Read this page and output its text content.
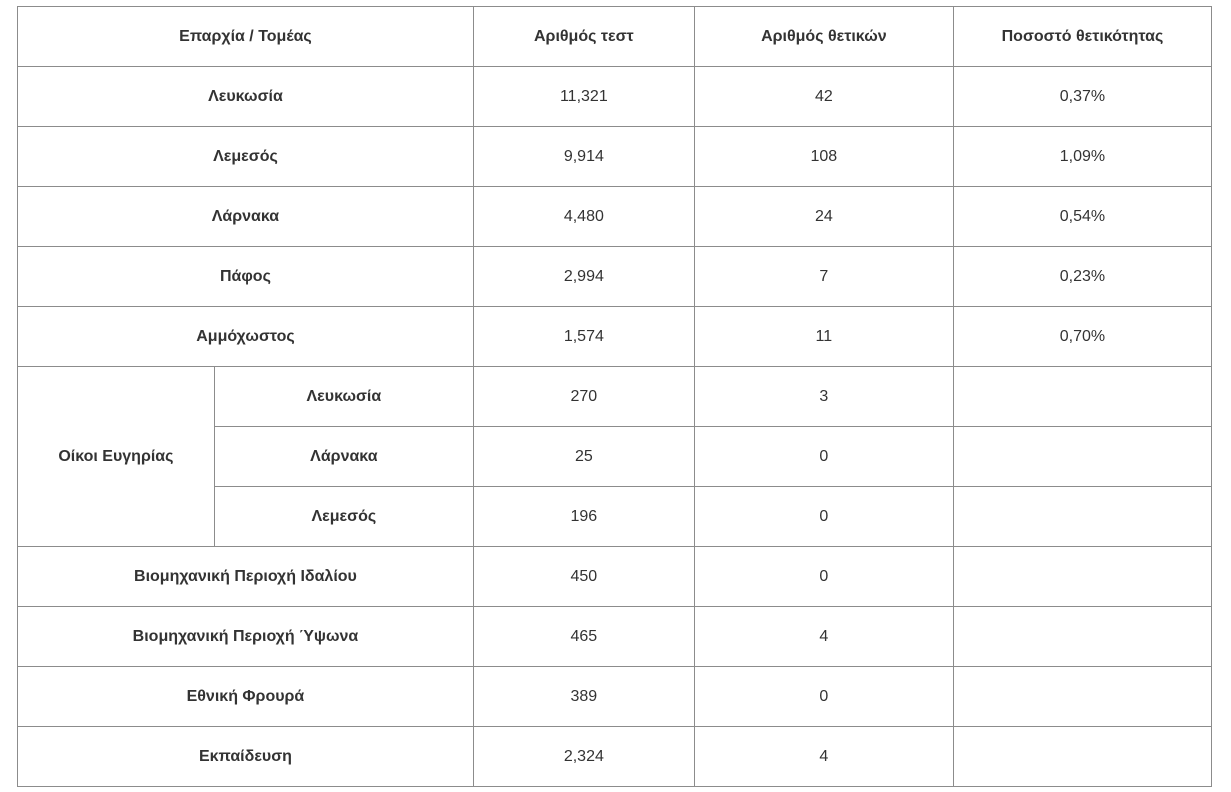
Επαρχία / Τομέας		Αριθμός τεστ	Αριθμός θετικών	Ποσοστό θετικότητας
Λευκωσία		11,321	42	0,37%
Λεμεσός		9,914	108	1,09%
Λάρνακα		4,480	24	0,54%
Πάφος		2,994	7	0,23%
Αμμόχωστος		1,574	11	0,70%
Οίκοι Ευγηρίας	Λευκωσία	270	3	
	Λάρνακα	25	0	
	Λεμεσός	196	0	
Βιομηχανική Περιοχή Ιδαλίου		450	0	
Βιομηχανική Περιοχή Ύψωνα		465	4	
Εθνική Φρουρά		389	0	
Εκπαίδευση		2,324	4	
